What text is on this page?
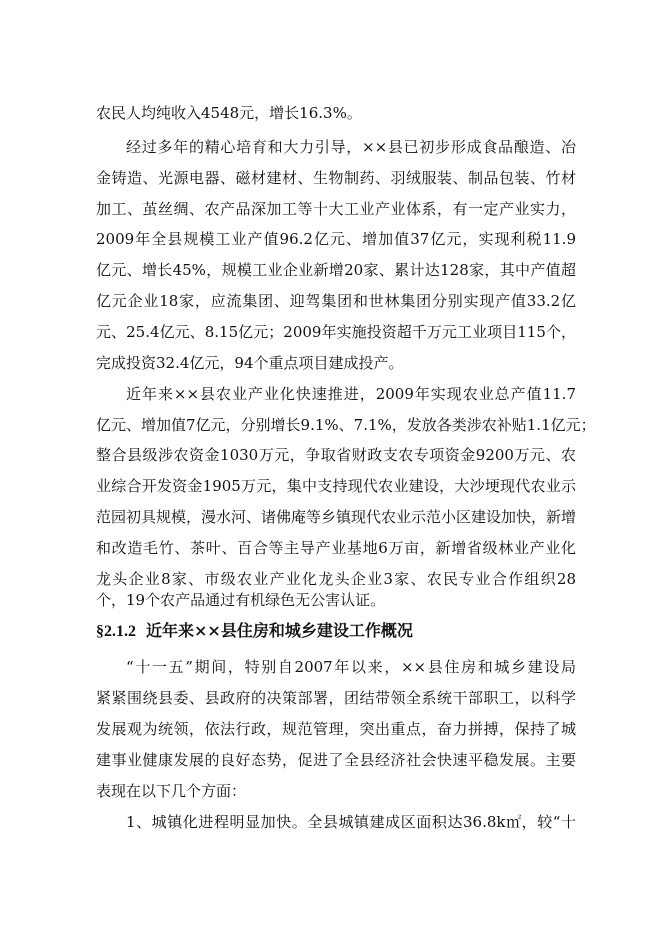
农民人均纯收入4548元，增长16.3%。
经过多年的精心培育和大力引导，××县已初步形成食品酿造、冶
金铸造、光源电器、磁材建材、生物制药、羽绒服装、制品包装、竹材
加工、茧丝绸、农产品深加工等十大工业产业体系，有一定产业实力，
2009年全县规模工业产值96.2亿元、增加值37亿元，实现利税11.9
亿元、增长45%，规模工业企业新增20家、累计达128家，其中产值超
亿元企业18家，应流集团、迎驾集团和世林集团分别实现产值33.2亿
元、25.4亿元、8.15亿元；2009年实施投资超千万元工业项目115个，
完成投资32.4亿元，94个重点项目建成投产。
近年来××县农业产业化快速推进，2009年实现农业总产值11.7
亿元、增加值7亿元，分别增长9.1%、7.1%，发放各类涉农补贴1.1亿元；
整合县级涉农资金1030万元，争取省财政支农专项资金9200万元、农
业综合开发资金1905万元，集中支持现代农业建设，大沙埂现代农业示
范园初具规模，漫水河、诸佛庵等乡镇现代农业示范小区建设加快，新增
和改造毛竹、茶叶、百合等主导产业基地6万亩，新增省级林业产业化
龙头企业8家、市级农业产业化龙头企业3家、农民专业合作组织28
个，19个农产品通过有机绿色无公害认证。
§2.1.2 近年来××县住房和城乡建设工作概况
“十一五”期间，特别自2007年以来，××县住房和城乡建设局
紧紧围绕县委、县政府的决策部署，团结带领全系统干部职工，以科学
发展观为统领，依法行政，规范管理，突出重点，奋力拼搏，保持了城
建事业健康发展的良好态势，促进了全县经济社会快速平稳发展。主要
表现在以下几个方面：
1、城镇化进程明显加快。全县城镇建成区面积达36.8k㎡，较“十
